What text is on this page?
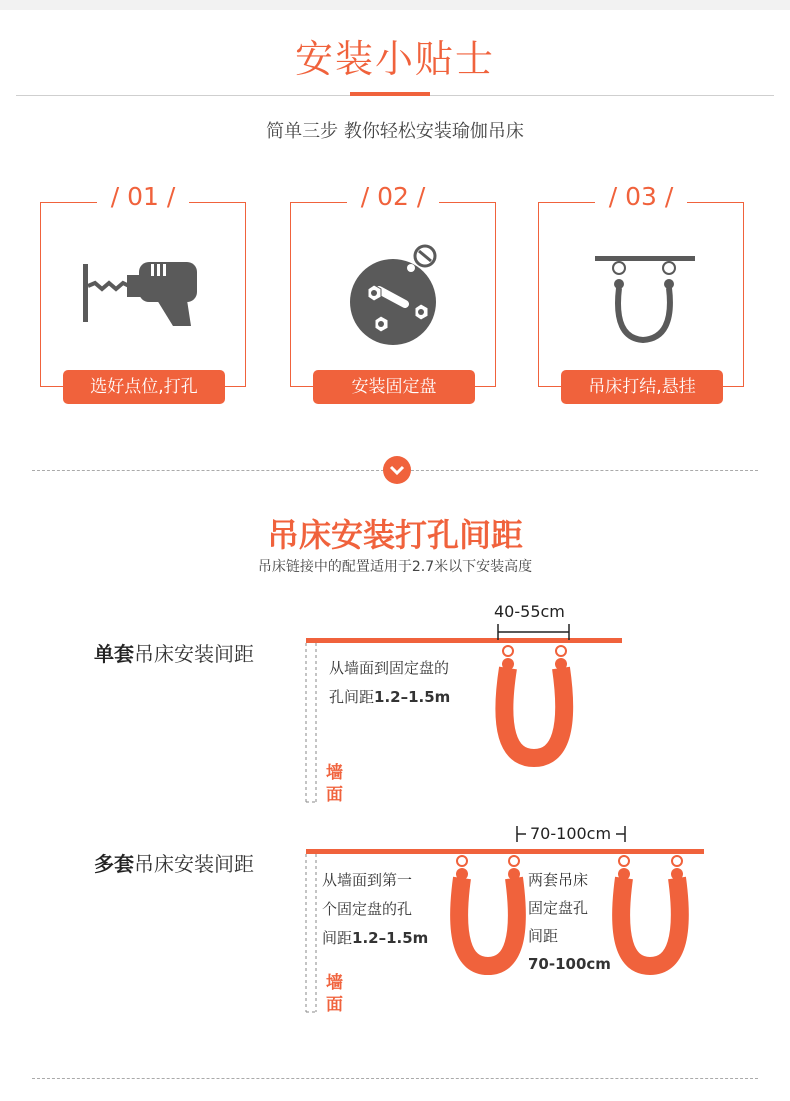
安装小贴士
简单三步 教你轻松安装瑜伽吊床
/ 01 /
选好点位,打孔
/ 02 /
安装固定盘
/ 03 /
吊床打结,悬挂
吊床安装打孔间距
吊床链接中的配置适用于2.7米以下安装高度
单套吊床安装间距
40-55cm
从墙面到固定盘的
孔间距1.2–1.5m
墙
面
多套吊床安装间距
70-100cm
从墙面到第一
个固定盘的孔
间距1.2–1.5m
两套吊床
固定盘孔
间距
70-100cm
墙
面
